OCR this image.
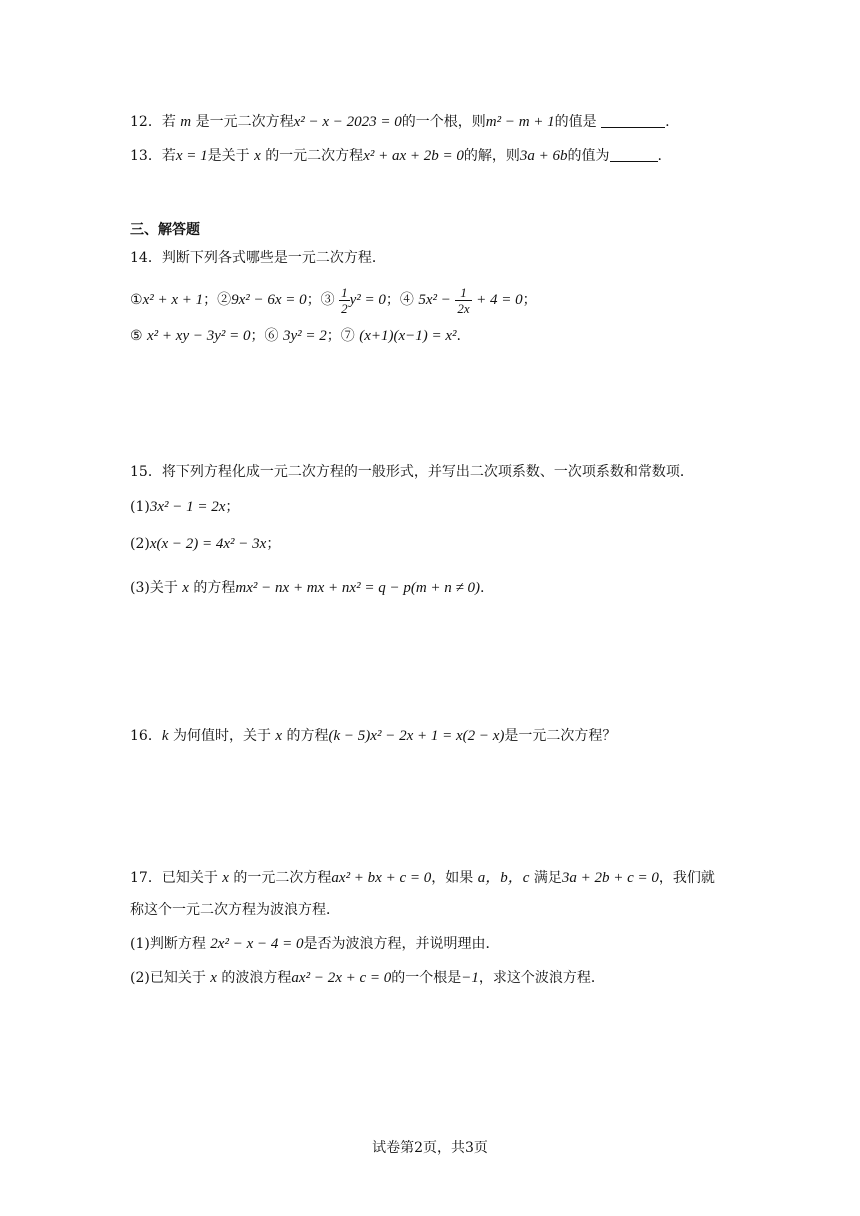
12．若 m 是一元二次方程x² − x − 2023 = 0的一个根，则m² − m + 1的值是	.
13．若x = 1是关于 x 的一元二次方程x² + ax + 2b = 0的解，则3a + 6b的值为	.
三、解答题
14．判断下列各式哪些是一元二次方程．
①x² + x + 1；②9x² − 6x = 0；③ $\frac{1}{2} y^2 = 0$；④ $5x^2 - \frac{1}{2x} + 4 = 0$；
⑤ x² + xy − 3y² = 0；⑥ 3y² = 2；⑦ (x+1)(x−1) = x².
15．将下列方程化成一元二次方程的一般形式，并写出二次项系数、一次项系数和常数项．
(1)3x² − 1 = 2x；
(2)x(x − 2) = 4x² − 3x；
(3)关于 x 的方程mx² − nx + mx + nx² = q − p(m + n ≠ 0).
16．k 为何值时，关于 x 的方程(k − 5)x² − 2x + 1 = x(2 − x)是一元二次方程？
17．已知关于 x 的一元二次方程ax² + bx + c = 0，如果 a，b，c 满足3a + 2b + c = 0，我们就
称这个一元二次方程为波浪方程．
(1)判断方程 2x² − x − 4 = 0是否为波浪方程，并说明理由．
(2)已知关于 x 的波浪方程ax² − 2x + c = 0的一个根是−1，求这个波浪方程．
试卷第2页，共3页
